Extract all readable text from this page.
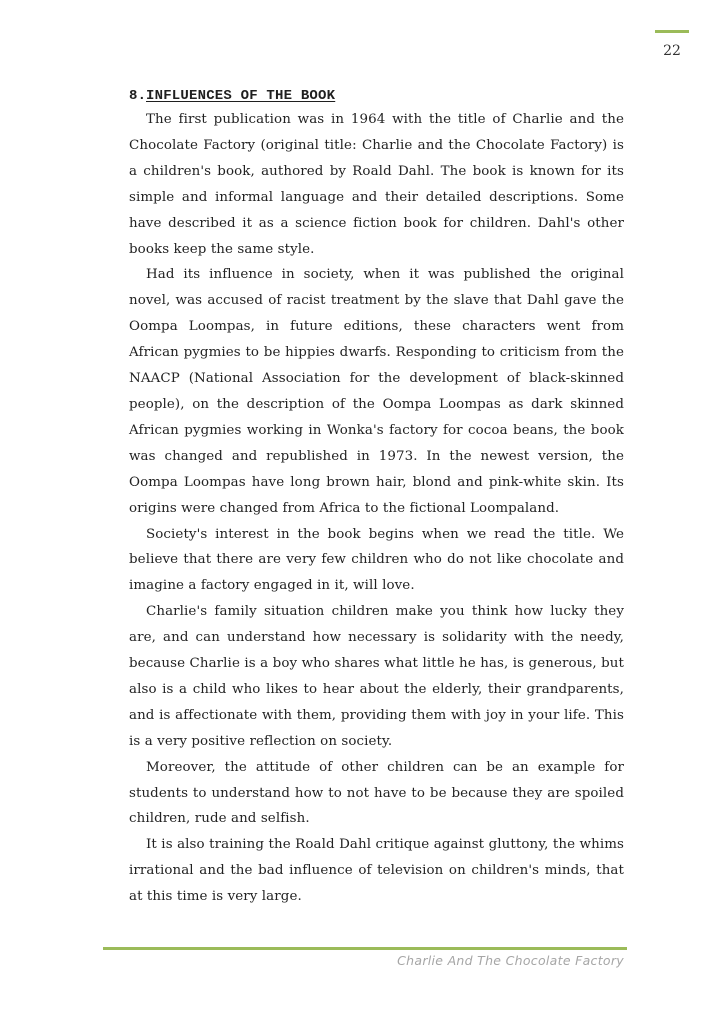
22
8.INFLUENCES OF THE BOOK

The first publication was in 1964 with the title of Charlie and the Chocolate Factory (original title: Charlie and the Chocolate Factory) is a children's book, authored by Roald Dahl. The book is known for its simple and informal language and their detailed descriptions. Some have described it as a science fiction book for children. Dahl's other books keep the same style.

Had its influence in society, when it was published the original novel, was accused of racist treatment by the slave that Dahl gave the Oompa Loompas, in future editions, these characters went from African pygmies to be hippies dwarfs. Responding to criticism from the NAACP (National Association for the development of black-skinned people), on the description of the Oompa Loompas as dark skinned African pygmies working in Wonka's factory for cocoa beans, the book was changed and republished in 1973. In the newest version, the Oompa Loompas have long brown hair, blond and pink-white skin. Its origins were changed from Africa to the fictional Loompaland.

Society's interest in the book begins when we read the title. We believe that there are very few children who do not like chocolate and imagine a factory engaged in it, will love.

Charlie's family situation children make you think how lucky they are, and can understand how necessary is solidarity with the needy, because Charlie is a boy who shares what little he has, is generous, but also is a child who likes to hear about the elderly, their grandparents, and is affectionate with them, providing them with joy in your life. This is a very positive reflection on society.

Moreover, the attitude of other children can be an example for students to understand how to not have to be because they are spoiled children, rude and selfish.

It is also training the Roald Dahl critique against gluttony, the whims irrational and the bad influence of television on children's minds, that at this time is very large.

Charlie And The Chocolate Factory
